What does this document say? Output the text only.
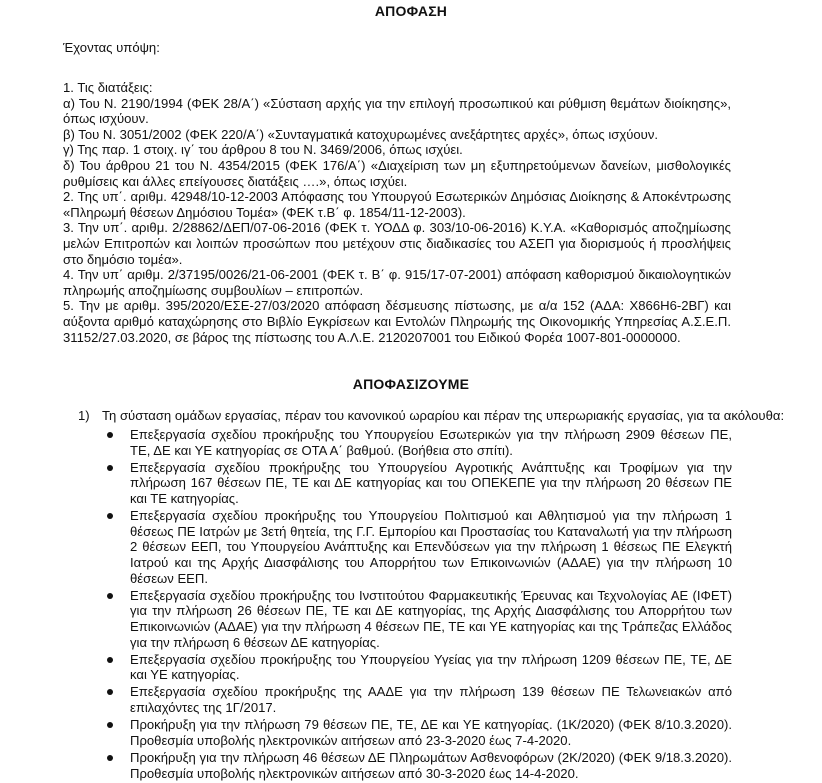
ΑΠΟΦΑΣΗ
Έχοντας υπόψη:

1. Τις διατάξεις:

α) Του Ν. 2190/1994 (ΦΕΚ 28/Α΄) «Σύσταση αρχής για την επιλογή προσωπικού και ρύθμιση θεμάτων διοίκησης», όπως ισχύουν.

β) Του Ν. 3051/2002 (ΦΕΚ 220/Α΄) «Συνταγματικά κατοχυρωμένες ανεξάρτητες αρχές», όπως ισχύουν.

γ) Της παρ. 1 στοιχ. ιγ΄ του άρθρου 8 του Ν. 3469/2006, όπως ισχύει.

δ) Του άρθρου 21 του Ν. 4354/2015 (ΦΕΚ 176/Α΄) «Διαχείριση των μη εξυπηρετούμενων δανείων, μισθολογικές ρυθμίσεις και άλλες επείγουσες διατάξεις ….», όπως ισχύει.

2. Της υπ΄. αριθμ. 42948/10-12-2003 Απόφασης του Υπουργού Εσωτερικών Δημόσιας Διοίκησης & Αποκέντρωσης «Πληρωμή θέσεων Δημόσιου Τομέα» (ΦΕΚ τ.Β΄ φ. 1854/11-12-2003).

3. Την υπ΄. αριθμ. 2/28862/ΔΕΠ/07-06-2016 (ΦΕΚ τ. ΥΟΔΔ φ. 303/10-06-2016) Κ.Υ.Α. «Καθορισμός αποζημίωσης μελών Επιτροπών και λοιπών προσώπων που μετέχουν στις διαδικασίες του ΑΣΕΠ για διορισμούς ή προσλήψεις στο δημόσιο τομέα».

4. Την υπ΄ αριθμ. 2/37195/0026/21-06-2001 (ΦΕΚ τ. Β΄ φ. 915/17-07-2001) απόφαση καθορισμού δικαιολογητικών πληρωμής αποζημίωσης συμβουλίων – επιτροπών.

5. Την με αριθμ. 395/2020/ΕΣΕ-27/03/2020 απόφαση δέσμευσης πίστωσης, με α/α 152 (ΑΔΑ: Χ866Η6-2ΒΓ) και αύξοντα αριθμό καταχώρησης στο Βιβλίο Εγκρίσεων και Εντολών Πληρωμής της Οικονομικής Υπηρεσίας Α.Σ.Ε.Π. 31152/27.03.2020, σε βάρος της πίστωσης του Α.Λ.Ε. 2120207001 του Ειδικού Φορέα 1007-801-0000000.

ΑΠΟΦΑΣΙΖΟΥΜΕ
1) Τη σύσταση ομάδων εργασίας, πέραν του κανονικού ωραρίου και πέραν της υπερωριακής εργασίας, για τα ακόλουθα:
Επεξεργασία σχεδίου προκήρυξης του Υπουργείου Εσωτερικών για την πλήρωση 2909 θέσεων ΠΕ, ΤΕ, ΔΕ και ΥΕ κατηγορίας σε ΟΤΑ Α΄ βαθμού. (Βοήθεια στο σπίτι).
Επεξεργασία σχεδίου προκήρυξης του Υπουργείου Αγροτικής Ανάπτυξης και Τροφίμων για την πλήρωση 167 θέσεων ΠΕ, ΤΕ και ΔΕ κατηγορίας και του ΟΠΕΚΕΠΕ για την πλήρωση 20 θέσεων ΠΕ και ΤΕ κατηγορίας.
Επεξεργασία σχεδίου προκήρυξης του Υπουργείου Πολιτισμού και Αθλητισμού για την πλήρωση 1 θέσεως ΠΕ Ιατρών με 3ετή θητεία, της Γ.Γ. Εμπορίου και Προστασίας του Καταναλωτή για την πλήρωση 2 θέσεων ΕΕΠ, του Υπουργείου Ανάπτυξης και Επενδύσεων για την πλήρωση 1 θέσεως ΠΕ Ελεγκτή Ιατρού και της Αρχής Διασφάλισης του Απορρήτου των Επικοινωνιών (ΑΔΑΕ) για την πλήρωση 10 θέσεων ΕΕΠ.
Επεξεργασία σχεδίου προκήρυξης του Ινστιτούτου Φαρμακευτικής Έρευνας και Τεχνολογίας ΑΕ (ΙΦΕΤ) για την πλήρωση 26 θέσεων ΠΕ, ΤΕ και ΔΕ κατηγορίας, της Αρχής Διασφάλισης του Απορρήτου των Επικοινωνιών (ΑΔΑΕ) για την πλήρωση 4 θέσεων ΠΕ, ΤΕ και ΥΕ κατηγορίας και της Τράπεζας Ελλάδος για την πλήρωση 6 θέσεων ΔΕ κατηγορίας.
Επεξεργασία σχεδίου προκήρυξης του Υπουργείου Υγείας για την πλήρωση 1209 θέσεων ΠΕ, ΤΕ, ΔΕ και ΥΕ κατηγορίας.
Επεξεργασία σχεδίου προκήρυξης της ΑΑΔΕ για την πλήρωση 139 θέσεων ΠΕ Τελωνειακών από επιλαχόντες της 1Γ/2017.
Προκήρυξη για την πλήρωση 79 θέσεων ΠΕ, ΤΕ, ΔΕ και ΥΕ κατηγορίας. (1Κ/2020) (ΦΕΚ 8/10.3.2020). Προθεσμία υποβολής ηλεκτρονικών αιτήσεων από 23-3-2020 έως 7-4-2020.
Προκήρυξη για την πλήρωση 46 θέσεων ΔΕ Πληρωμάτων Ασθενοφόρων (2Κ/2020) (ΦΕΚ 9/18.3.2020). Προθεσμία υποβολής ηλεκτρονικών αιτήσεων από 30-3-2020 έως 14-4-2020.
